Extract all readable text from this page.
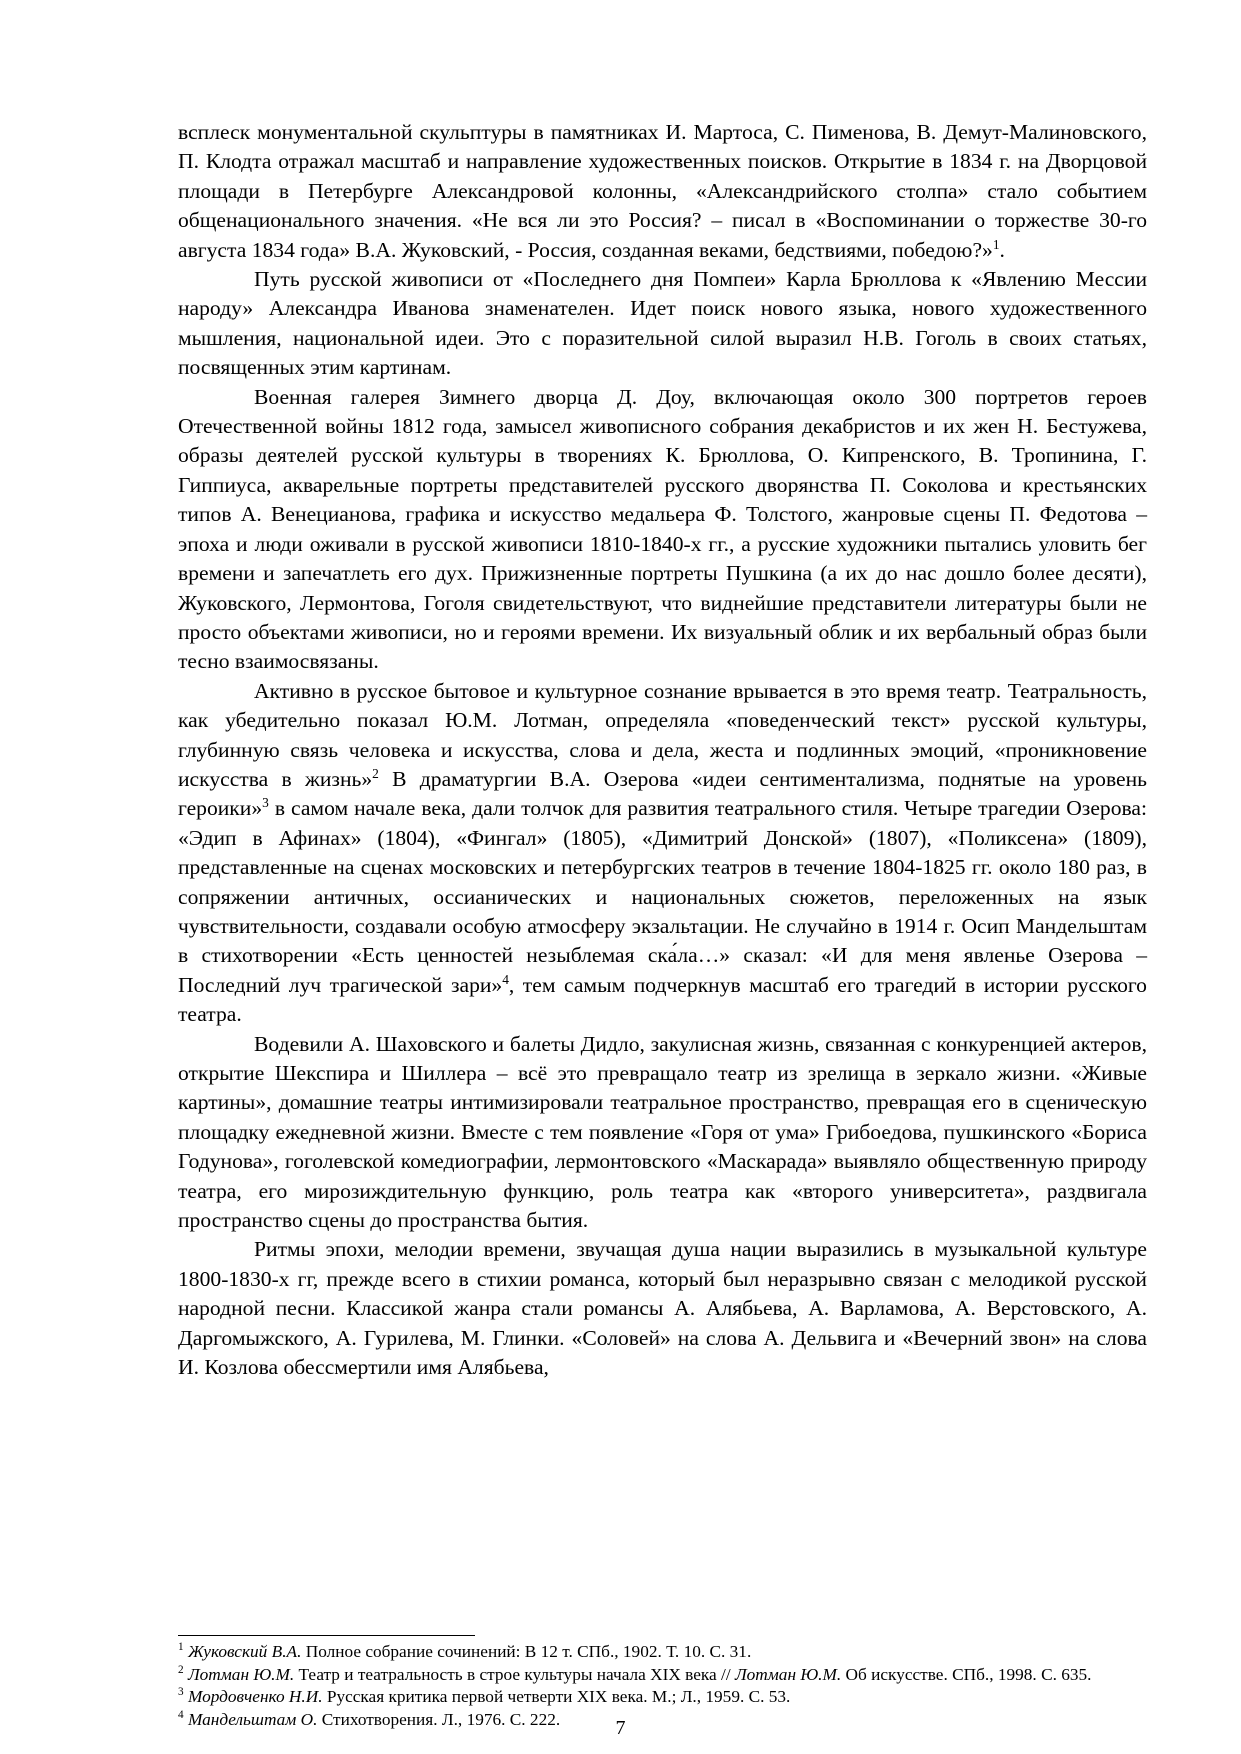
всплеск монументальной скульптуры в памятниках И. Мартоса, С. Пименова, В. Демут-Малиновского, П. Клодта отражал масштаб и направление художественных поисков. Открытие в 1834 г. на Дворцовой площади в Петербурге Александровой колонны, «Александрийского столпа» стало событием общенационального значения. «Не вся ли это Россия? – писал в «Воспоминании о торжестве 30-го августа 1834 года» В.А. Жуковский, - Россия, созданная веками, бедствиями, победою?»$^1$.

Путь русской живописи от «Последнего дня Помпеи» Карла Брюллова к «Явлению Мессии народу» Александра Иванова знаменателен. Идет поиск нового языка, нового художественного мышления, национальной идеи. Это с поразительной силой выразил Н.В. Гоголь в своих статьях, посвященных этим картинам.

Военная галерея Зимнего дворца Д. Доу, включающая около 300 портретов героев Отечественной войны 1812 года, замысел живописного собрания декабристов и их жен Н. Бестужева, образы деятелей русской культуры в творениях К. Брюллова, О. Кипренского, В. Тропинина, Г. Гиппиуса, акварельные портреты представителей русского дворянства П. Соколова и крестьянских типов А. Венецианова, графика и искусство медальера Ф. Толстого, жанровые сцены П. Федотова – эпоха и люди оживали в русской живописи 1810-1840-х гг., а русские художники пытались уловить бег времени и запечатлеть его дух. Прижизненные портреты Пушкина (а их до нас дошло более десяти), Жуковского, Лермонтова, Гоголя свидетельствуют, что виднейшие представители литературы были не просто объектами живописи, но и героями времени. Их визуальный облик и их вербальный образ были тесно взаимосвязаны.

Активно в русское бытовое и культурное сознание врывается в это время театр. Театральность, как убедительно показал Ю.М. Лотман, определяла «поведенческий текст» русской культуры, глубинную связь человека и искусства, слова и дела, жеста и подлинных эмоций, «проникновение искусства в жизнь»$^2$ В драматургии В.А. Озерова «идеи сентиментализма, поднятые на уровень героики»$^3$ в самом начале века, дали толчок для развития театрального стиля. Четыре трагедии Озерова: «Эдип в Афинах» (1804), «Фингал» (1805), «Димитрий Донской» (1807), «Поликсена» (1809), представленные на сценах московских и петербургских театров в течение 1804-1825 гг. около 180 раз, в сопряжении античных, оссианических и национальных сюжетов, переложенных на язык чувствительности, создавали особую атмосферу экзальтации. Не случайно в 1914 г. Осип Мандельштам в стихотворении «Есть ценностей незыблемая ска́ла…» сказал: «И для меня явленье Озерова – Последний луч трагической зари»$^4$, тем самым подчеркнув масштаб его трагедий в истории русского театра.

Водевили А. Шаховского и балеты Дидло, закулисная жизнь, связанная с конкуренцией актеров, открытие Шекспира и Шиллера – всё это превращало театр из зрелища в зеркало жизни. «Живые картины», домашние театры интимизировали театральное пространство, превращая его в сценическую площадку ежедневной жизни. Вместе с тем появление «Горя от ума» Грибоедова, пушкинского «Бориса Годунова», гоголевской комедиографии, лермонтовского «Маскарада» выявляло общественную природу театра, его мирозиждительную функцию, роль театра как «второго университета», раздвигала пространство сцены до пространства бытия.

Ритмы эпохи, мелодии времени, звучащая душа нации выразились в музыкальной культуре 1800-1830-х гг, прежде всего в стихии романса, который был неразрывно связан с мелодикой русской народной песни. Классикой жанра стали романсы А. Алябьева, А. Варламова, А. Верстовского, А. Даргомыжского, А. Гурилева, М. Глинки. «Соловей» на слова А. Дельвига и «Вечерний звон» на слова И. Козлова обессмертили имя Алябьева,

$^1$ Жуковский В.А. Полное собрание сочинений: В 12 т. СПб., 1902. Т. 10. С. 31.

$^2$ Лотман Ю.М. Театр и театральность в строе культуры начала XIX века // Лотман Ю.М. Об искусстве. СПб., 1998. С. 635.

$^3$ Мордовченко Н.И. Русская критика первой четверти XIX века. М.; Л., 1959. С. 53.

$^4$ Мандельштам О. Стихотворения. Л., 1976. С. 222.	7
